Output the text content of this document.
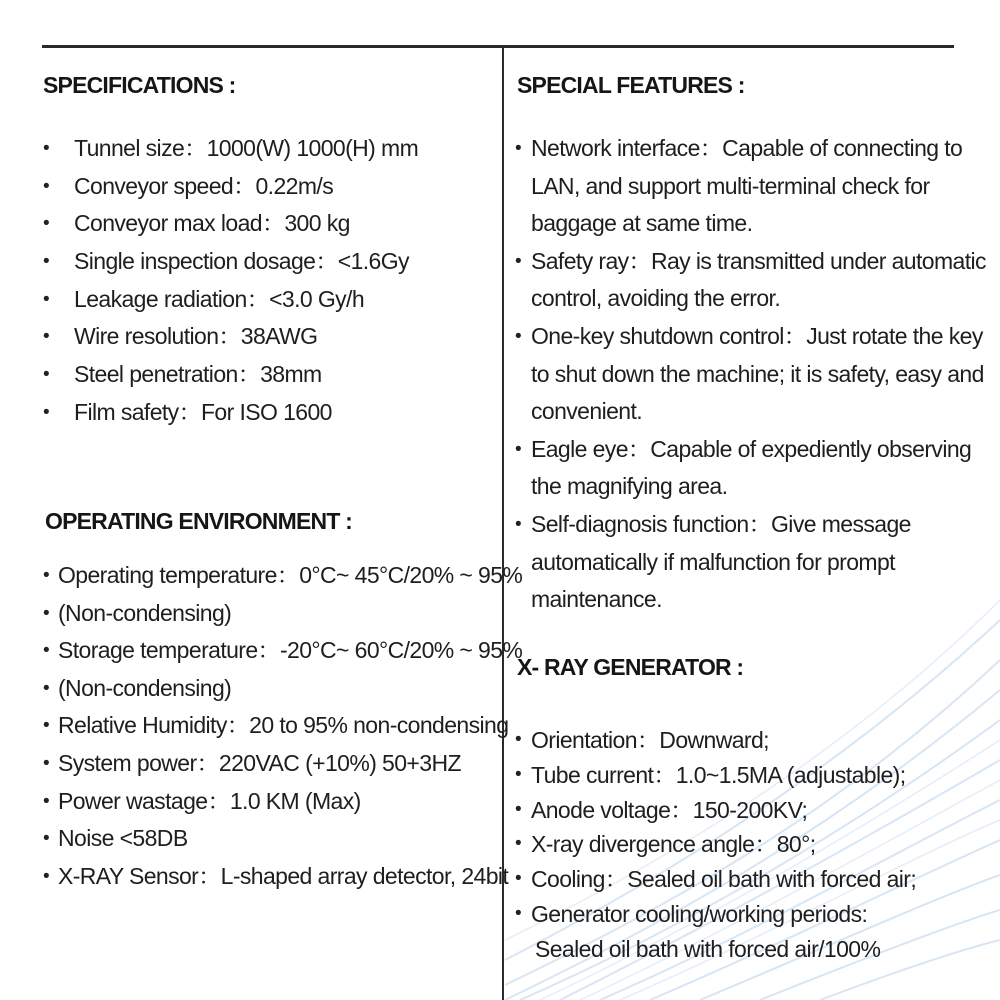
SPECIFICATIONS :
• Tunnel size：1000(W) 1000(H) mm
• Conveyor speed：0.22m/s
• Conveyor max load：300 kg
• Single inspection dosage：<1.6Gy
• Leakage radiation：<3.0 Gy/h
• Wire resolution：38AWG
• Steel penetration：38mm
• Film safety：For ISO 1600
OPERATING ENVIRONMENT :
• Operating temperature：0°C~ 45°C/20% ~ 95%
• (Non-condensing)
• Storage temperature：-20°C~ 60°C/20% ~ 95%
• (Non-condensing)
• Relative Humidity：20 to 95% non-condensing
• System power：220VAC (+10%) 50+3HZ
• Power wastage：1.0 KM (Max)
• Noise <58DB
• X-RAY Sensor：L-shaped array detector, 24bit
SPECIAL FEATURES :
• Network interface：Capable of connecting to
LAN, and support multi-terminal check for
baggage at same time.
• Safety ray：Ray is transmitted under automatic
control, avoiding the error.
• One-key shutdown control：Just rotate the key
to shut down the machine; it is safety, easy and
convenient.
• Eagle eye：Capable of expediently observing
the magnifying area.
• Self-diagnosis function：Give message
automatically if malfunction for prompt
maintenance.
X- RAY GENERATOR :
• Orientation：Downward;
• Tube current：1.0~1.5MA (adjustable);
• Anode voltage：150-200KV;
• X-ray divergence angle：80°;
• Cooling：Sealed oil bath with forced air;
• Generator cooling/working periods:
Sealed oil bath with forced air/100%
